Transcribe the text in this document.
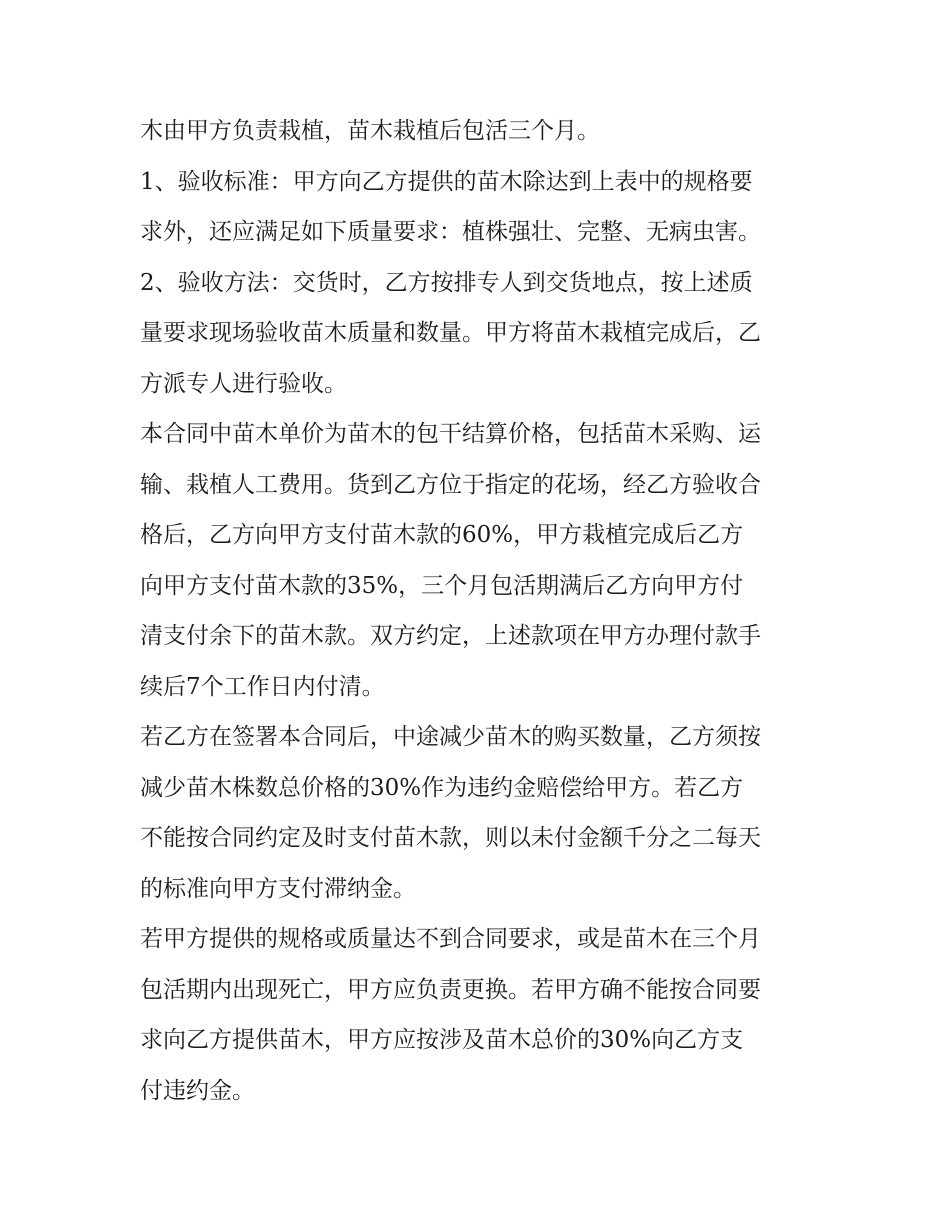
木由甲方负责栽植，苗木栽植后包活三个月。
1、验收标准：甲方向乙方提供的苗木除达到上表中的规格要
求外，还应满足如下质量要求：植株强壮、完整、无病虫害。
2、验收方法：交货时，乙方按排专人到交货地点，按上述质
量要求现场验收苗木质量和数量。甲方将苗木栽植完成后，乙
方派专人进行验收。
本合同中苗木单价为苗木的包干结算价格，包括苗木采购、运
输、栽植人工费用。货到乙方位于指定的花场，经乙方验收合
格后，乙方向甲方支付苗木款的60%，甲方栽植完成后乙方
向甲方支付苗木款的35%，三个月包活期满后乙方向甲方付
清支付余下的苗木款。双方约定，上述款项在甲方办理付款手
续后7个工作日内付清。
若乙方在签署本合同后，中途减少苗木的购买数量，乙方须按
减少苗木株数总价格的30%作为违约金赔偿给甲方。若乙方
不能按合同约定及时支付苗木款，则以未付金额千分之二每天
的标准向甲方支付滞纳金。
若甲方提供的规格或质量达不到合同要求，或是苗木在三个月
包活期内出现死亡，甲方应负责更换。若甲方确不能按合同要
求向乙方提供苗木，甲方应按涉及苗木总价的30%向乙方支
付违约金。
